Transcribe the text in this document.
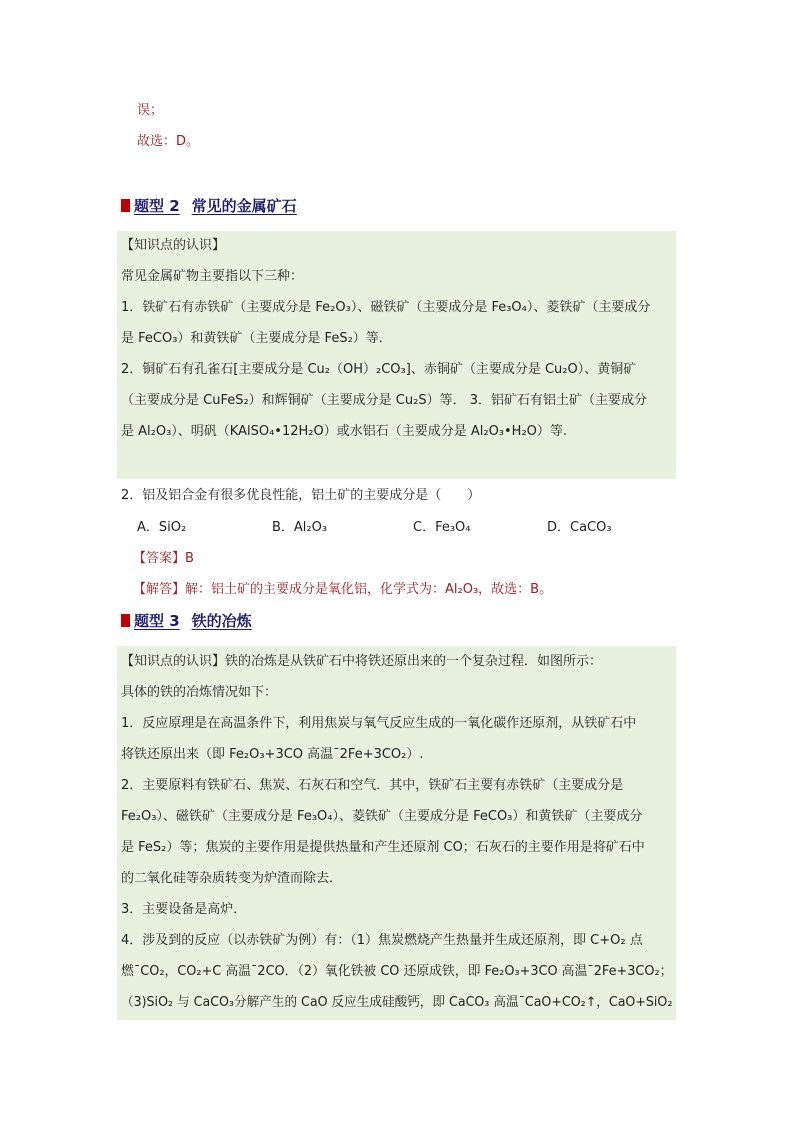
误；
故选：D。
题型 2 常见的金属矿石
【知识点的认识】
常见金属矿物主要指以下三种：
1．铁矿石有赤铁矿（主要成分是 Fe₂O₃）、磁铁矿（主要成分是 Fe₃O₄）、菱铁矿（主要成分
是 FeCO₃）和黄铁矿（主要成分是 FeS₂）等．
2．铜矿石有孔雀石[主要成分是 Cu₂（OH）₂CO₃]、赤铜矿（主要成分是 Cu₂O）、黄铜矿
（主要成分是 CuFeS₂）和辉铜矿（主要成分是 Cu₂S）等． 3．铝矿石有铝土矿（主要成分
是 Al₂O₃）、明矾（KAlSO₄•12H₂O）或水铝石（主要成分是 Al₂O₃•H₂O）等.
2．铝及铝合金有很多优良性能，铝土矿的主要成分是（　　）
A．SiO₂	B．Al₂O₃	C．Fe₃O₄	D．CaCO₃
【答案】B
【解答】解：铝土矿的主要成分是氧化铝，化学式为：Al₂O₃，故选：B。
题型 3 铁的冶炼
【知识点的认识】铁的冶炼是从铁矿石中将铁还原出来的一个复杂过程．如图所示：
具体的铁的冶炼情况如下：
1．反应原理是在高温条件下，利用焦炭与氧气反应生成的一氧化碳作还原剂，从铁矿石中
将铁还原出来（即 Fe₂O₃+3CO 高温¯2Fe+3CO₂）.
2．主要原料有铁矿石、焦炭、石灰石和空气．其中，铁矿石主要有赤铁矿（主要成分是
Fe₂O₃）、磁铁矿（主要成分是 Fe₃O₄）、菱铁矿（主要成分是 FeCO₃）和黄铁矿（主要成分
是 FeS₂）等；焦炭的主要作用是提供热量和产生还原剂 CO；石灰石的主要作用是将矿石中
的二氧化硅等杂质转变为炉渣而除去．
3．主要设备是高炉．
4．涉及到的反应（以赤铁矿为例）有：（1）焦炭燃烧产生热量并生成还原剂，即 C+O₂ 点
燃¯CO₂，CO₂+C 高温¯2CO．（2）氧化铁被 CO 还原成铁，即 Fe₂O₃+3CO 高温¯2Fe+3CO₂；
（3)SiO₂ 与 CaCO₃分解产生的 CaO 反应生成硅酸钙，即 CaCO₃ 高温¯CaO+CO₂↑，CaO+SiO₂
